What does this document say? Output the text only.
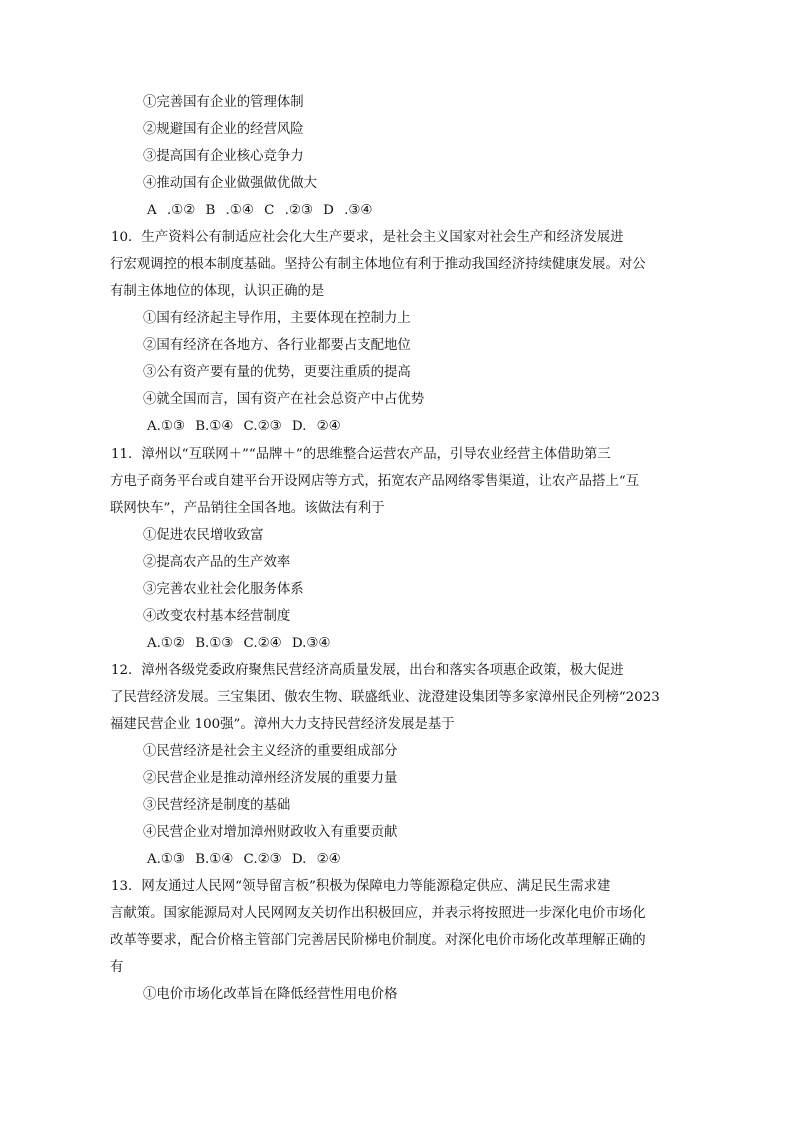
①完善国有企业的管理体制
②规避国有企业的经营风险
③提高国有企业核心竞争力
④推动国有企业做强做优做大
A .①② B .①④ C .②③ D .③④
10．生产资料公有制适应社会化大生产要求，是社会主义国家对社会生产和经济发展进
行宏观调控的根本制度基础。坚持公有制主体地位有利于推动我国经济持续健康发展。对公
有制主体地位的体现，认识正确的是
①国有经济起主导作用，主要体现在控制力上
②国有经济在各地方、各行业都要占支配地位
③公有资产要有量的优势，更要注重质的提高
④就全国而言，国有资产在社会总资产中占优势
A.①③ B.①④ C.②③ D. ②④
11．漳州以“互联网＋”“品牌＋”的思维整合运营农产品，引导农业经营主体借助第三
方电子商务平台或自建平台开设网店等方式，拓宽农产品网络零售渠道，让农产品搭上“互
联网快车”，产品销往全国各地。该做法有利于
①促进农民增收致富
②提高农产品的生产效率
③完善农业社会化服务体系
④改变农村基本经营制度
A.①② B.①③ C.②④ D.③④
12．漳州各级党委政府聚焦民营经济高质量发展，出台和落实各项惠企政策，极大促进
了民营经济发展。三宝集团、傲农生物、联盛纸业、泷澄建设集团等多家漳州民企列榜“2023
福建民营企业 100强”。漳州大力支持民营经济发展是基于
①民营经济是社会主义经济的重要组成部分
②民营企业是推动漳州经济发展的重要力量
③民营经济是制度的基础
④民营企业对增加漳州财政收入有重要贡献
A.①③ B.①④ C.②③ D. ②④
13．网友通过人民网“领导留言板”积极为保障电力等能源稳定供应、满足民生需求建
言献策。国家能源局对人民网网友关切作出积极回应，并表示将按照进一步深化电价市场化
改革等要求，配合价格主管部门完善居民阶梯电价制度。对深化电价市场化改革理解正确的
有
①电价市场化改革旨在降低经营性用电价格
